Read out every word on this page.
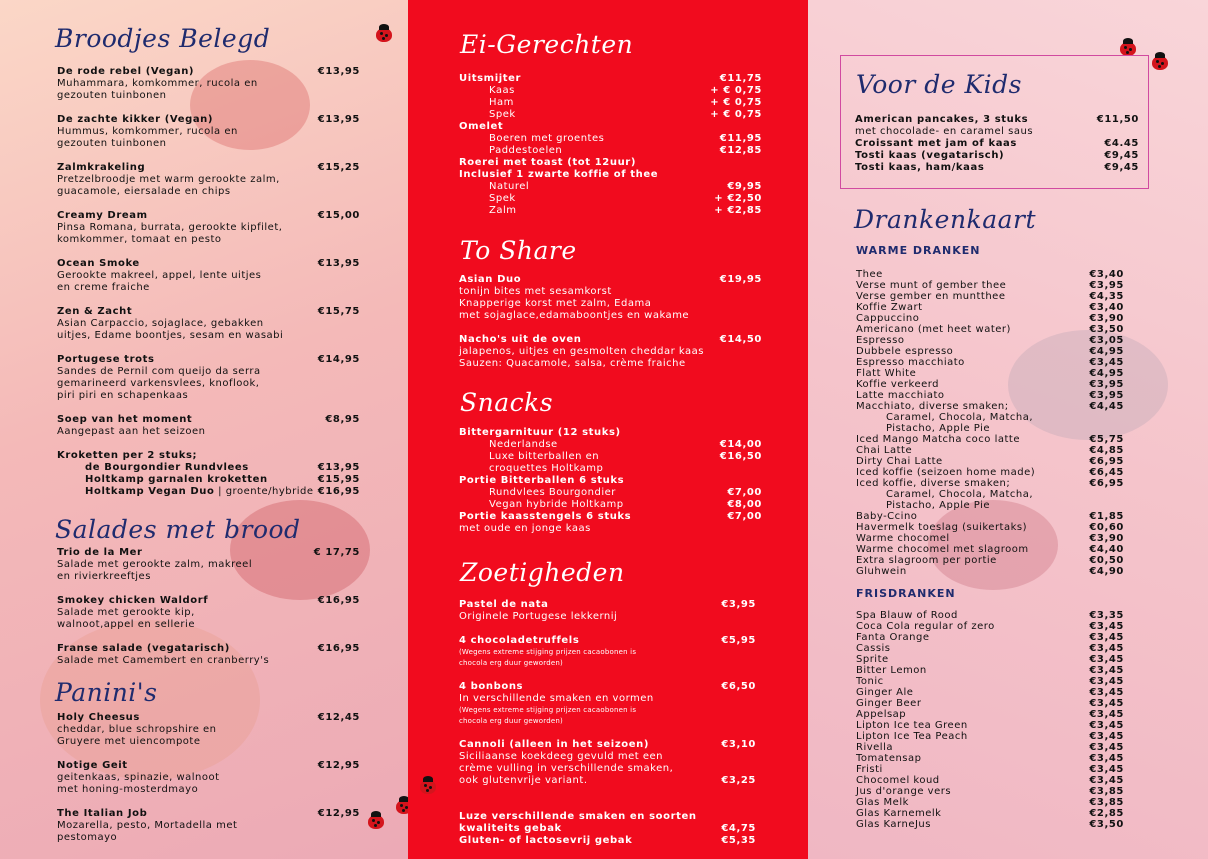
Broodjes Belegd
De rode rebel (Vegan)	€13,95
Muhammara, komkommer, rucola en
gezouten tuinbonen
De zachte kikker (Vegan)	€13,95
Hummus, komkommer, rucola en
gezouten tuinbonen
Zalmkrakeling	€15,25
Pretzelbroodje met warm gerookte zalm,
guacamole, eiersalade en chips
Creamy Dream	€15,00
Pinsa Romana, burrata, gerookte kipfilet,
komkommer, tomaat en pesto
Ocean Smoke	€13,95
Gerookte makreel, appel, lente uitjes
en creme fraiche
Zen & Zacht	€15,75
Asian Carpaccio, sojaglace, gebakken
uitjes, Edame boontjes, sesam en wasabi
Portugese trots	€14,95
Sandes de Pernil com queijo da serra
gemarineerd varkensvlees, knoflook,
piri piri en schapenkaas
Soep van het moment	€8,95
Aangepast aan het seizoen
Kroketten per 2 stuks;
de Bourgondier Rundvlees	€13,95
Holtkamp garnalen kroketten	€15,95
Holtkamp Vegan Duo | groente/hybride €16,95
Salades met brood
Trio de la Mer	€ 17,75
Salade met gerookte zalm, makreel
en rivierkreeftjes
Smokey chicken Waldorf	€16,95
Salade met gerookte kip,
walnoot,appel en sellerie
Franse salade (vegatarisch)	€16,95
Salade met Camembert en cranberry's
Panini's
Holy Cheesus	€12,45
cheddar, blue schropshire en
Gruyere met uiencompote
Notige Geit	€12,95
geitenkaas, spinazie, walnoot
met honing-mosterdmayo
The Italian Job	€12,95
Mozarella, pesto, Mortadella met
pestomayo
Ei-Gerechten
Uitsmijter	€11,75
Kaas	+ € 0,75
Ham	+ € 0,75
Spek	+ € 0,75
Omelet
Boeren met groentes	€11,95
Paddestoelen	€12,85
Roerei met toast (tot 12uur)
Inclusief 1 zwarte koffie of thee
Naturel	€9,95
Spek	+ €2,50
Zalm	+ €2,85
To Share
Asian Duo	€19,95
tonijn bites met sesamkorst
Knapperige korst met zalm, Edama
met sojaglace,edamaboontjes en wakame
Nacho's uit de oven	€14,50
jalapenos, uitjes en gesmolten cheddar kaas
Sauzen: Quacamole, salsa, crème fraiche
Snacks
Bittergarnituur (12 stuks)
Nederlandse	€14,00
Luxe bitterballen en	€16,50
croquettes Holtkamp
Portie Bitterballen 6 stuks
Rundvlees Bourgondier	€7,00
Vegan hybride Holtkamp	€8,00
Portie kaasstengels 6 stuks	€7,00
met oude en jonge kaas
Zoetigheden
Pastel de nata	€3,95
Originele Portugese lekkernij
4 chocoladetruffels	€5,95
(Wegens extreme stijging prijzen cacaobonen is
chocola erg duur geworden)
4 bonbons	€6,50
In verschillende smaken en vormen
(Wegens extreme stijging prijzen cacaobonen is
chocola erg duur geworden)
Cannoli (alleen in het seizoen)	€3,10
Siciliaanse koekdeeg gevuld met een
crème vulling in verschillende smaken,
ook glutenvrije variant.	€3,25
Luze verschillende smaken en soorten
kwaliteits gebak	€4,75
Gluten- of lactosevrij gebak	€5,35
Voor de Kids
American pancakes, 3 stuks	€11,50
met chocolade- en caramel saus
Croissant met jam of kaas	€4.45
Tosti kaas (vegatarisch)	€9,45
Tosti kaas, ham/kaas	€9,45
Drankenkaart
WARME DRANKEN
Thee	€3,40
Verse munt of gember thee	€3,95
Verse gember en muntthee	€4,35
Koffie Zwart	€3,40
Cappuccino	€3,90
Americano (met heet water)	€3,50
Espresso	€3,05
Dubbele espresso	€4,95
Espresso macchiato	€3,45
Flatt White	€4,95
Koffie verkeerd	€3,95
Latte macchiato	€3,95
Macchiato, diverse smaken;	€4,45
Caramel, Chocola, Matcha,
Pistacho, Apple Pie
Iced Mango Matcha coco latte	€5,75
Chai Latte	€4,85
Dirty Chai Latte	€6,95
Iced koffie (seizoen home made)	€6,45
Iced koffie, diverse smaken;	€6,95
Caramel, Chocola, Matcha,
Pistacho, Apple Pie
Baby-Ccino	€1,85
Havermelk toeslag (suikertaks)	€0,60
Warme chocomel	€3,90
Warme chocomel met slagroom	€4,40
Extra slagroom per portie	€0,50
Gluhwein	€4,90
FRISDRANKEN
Spa Blauw of Rood	€3,35
Coca Cola regular of zero	€3,45
Fanta Orange	€3,45
Cassis	€3,45
Sprite	€3,45
Bitter Lemon	€3,45
Tonic	€3,45
Ginger Ale	€3,45
Ginger Beer	€3,45
Appelsap	€3,45
Lipton Ice tea Green	€3,45
Lipton Ice Tea Peach	€3,45
Rivella	€3,45
Tomatensap	€3,45
Fristi	€3,45
Chocomel koud	€3,45
Jus d'orange vers	€3,85
Glas Melk	€3,85
Glas Karnemelk	€2,85
Glas KarneJus	€3,50
